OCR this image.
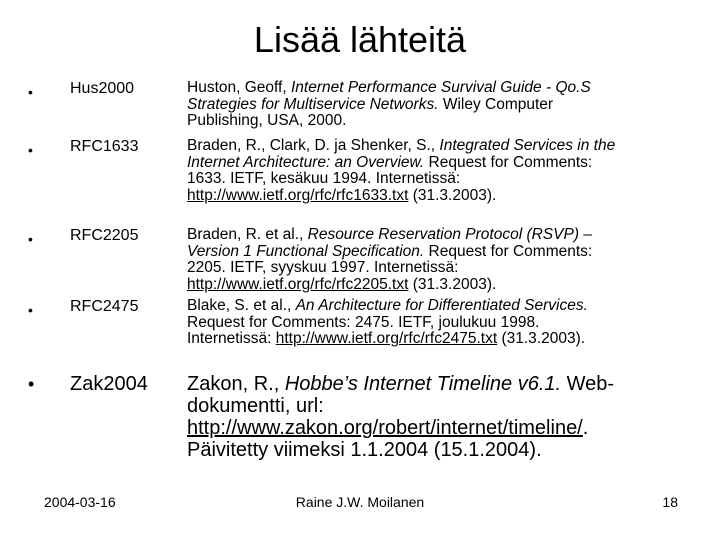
Lisää lähteitä
• Hus2000	Huston, Geoff, Internet Performance Survival Guide - Qo.S Strategies for Multiservice Networks. Wiley Computer Publishing, USA, 2000.
• RFC1633	Braden, R., Clark, D. ja Shenker, S., Integrated Services in the Internet Architecture: an Overview. Request for Comments: 1633. IETF, kesäkuu 1994. Internetissä: http://www.ietf.org/rfc/rfc1633.txt (31.3.2003).
• RFC2205	Braden, R. et al., Resource Reservation Protocol (RSVP) – Version 1 Functional Specification. Request for Comments: 2205. IETF, syyskuu 1997. Internetissä: http://www.ietf.org/rfc/rfc2205.txt (31.3.2003).
• RFC2475	Blake, S. et al., An Architecture for Differentiated Services. Request for Comments: 2475. IETF, joulukuu 1998. Internetissä: http://www.ietf.org/rfc/rfc2475.txt (31.3.2003).
• Zak2004 Zakon, R., Hobbe’s Internet Timeline v6.1. Web-dokumentti, url: http://www.zakon.org/robert/internet/timeline/. Päivitetty viimeksi 1.1.2004 (15.1.2004).
2004-03-16	Raine J.W. Moilanen	18
